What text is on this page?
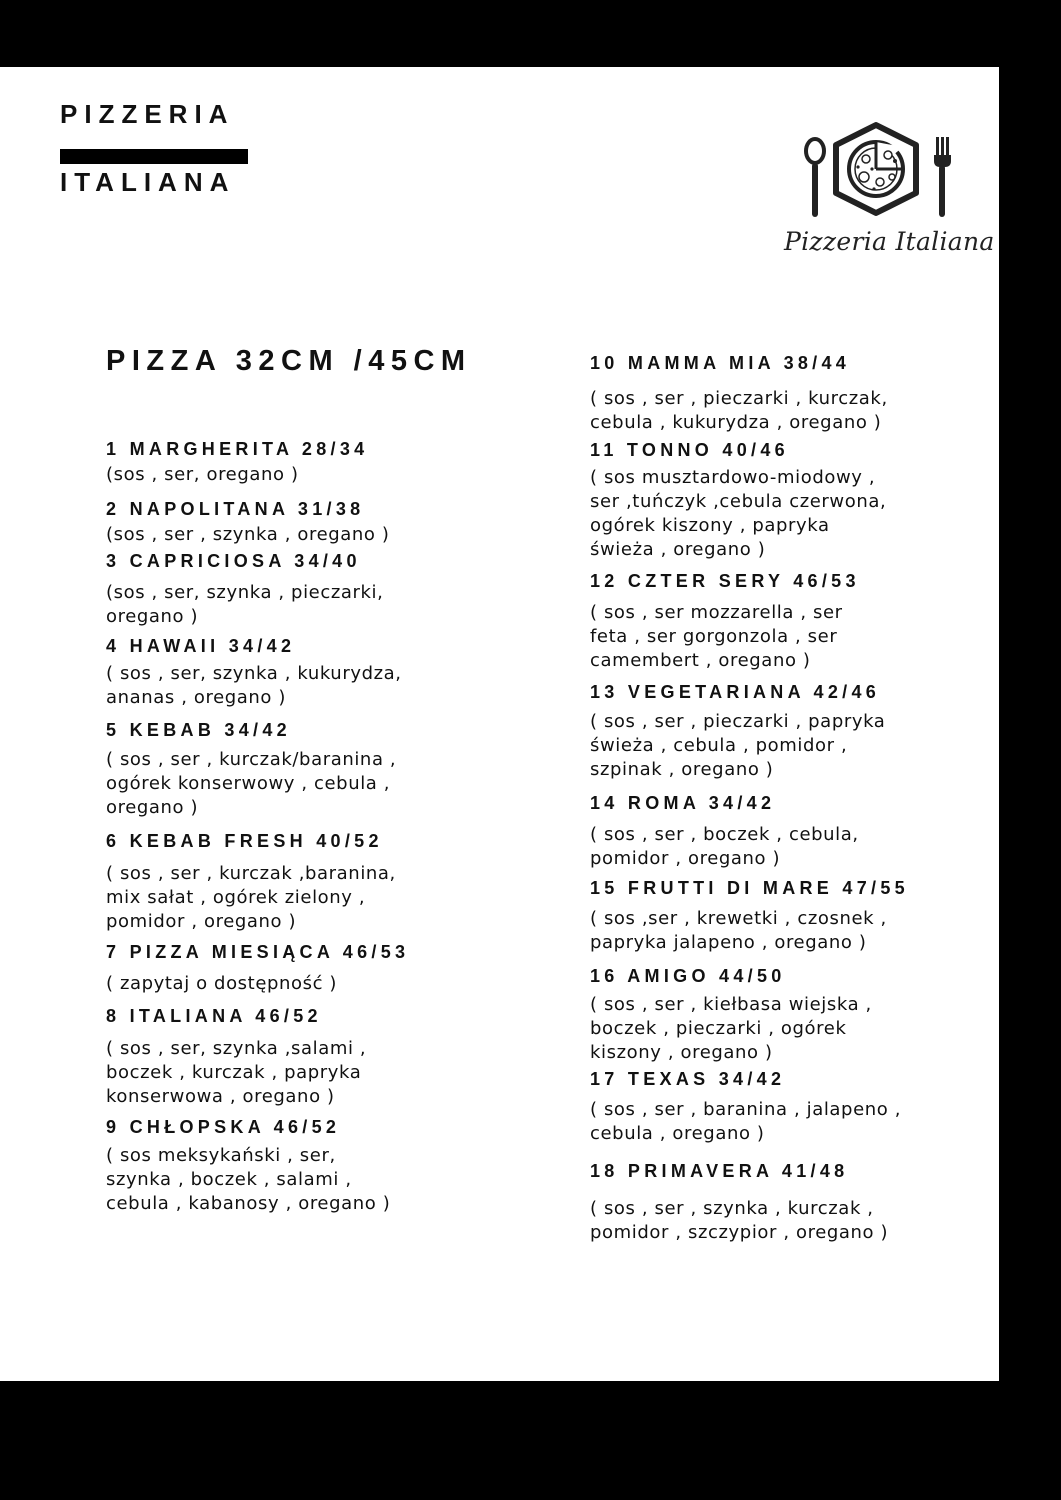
PIZZERIA
ITALIANA
Pizzeria Italiana
PIZZA 32CM /45CM
1 MARGHERITA 28/34
(sos , ser, oregano )
2 NAPOLITANA 31/38
(sos , ser , szynka , oregano )
3 CAPRICIOSA 34/40
(sos , ser, szynka , pieczarki,
oregano )
4 HAWAII 34/42
( sos , ser, szynka , kukurydza,
ananas , oregano )
5 KEBAB 34/42
( sos , ser , kurczak/baranina ,
ogórek konserwowy , cebula ,
oregano )
6 KEBAB FRESH 40/52
( sos , ser , kurczak ,baranina,
mix sałat , ogórek zielony ,
pomidor , oregano )
7 PIZZA MIESIĄCA 46/53
( zapytaj o dostępność )
8 ITALIANA 46/52
( sos , ser, szynka ,salami ,
boczek , kurczak , papryka
konserwowa , oregano )
9 CHŁOPSKA 46/52
( sos meksykański , ser,
szynka , boczek , salami ,
cebula , kabanosy , oregano )
10 MAMMA MIA 38/44
( sos , ser , pieczarki , kurczak,
cebula , kukurydza , oregano )
11 TONNO 40/46
( sos musztardowo-miodowy ,
ser ,tuńczyk ,cebula czerwona,
ogórek kiszony , papryka
świeża , oregano )
12 CZTER SERY 46/53
( sos , ser mozzarella , ser
feta , ser gorgonzola , ser
camembert , oregano )
13 VEGETARIANA 42/46
( sos , ser , pieczarki , papryka
świeża , cebula , pomidor ,
szpinak , oregano )
14 ROMA 34/42
( sos , ser , boczek , cebula,
pomidor , oregano )
15 FRUTTI DI MARE 47/55
( sos ,ser , krewetki , czosnek ,
papryka jalapeno , oregano )
16 AMIGO 44/50
( sos , ser , kiełbasa wiejska ,
boczek , pieczarki , ogórek
kiszony , oregano )
17 TEXAS 34/42
( sos , ser , baranina , jalapeno ,
cebula , oregano )
18 PRIMAVERA 41/48
( sos , ser , szynka , kurczak ,
pomidor , szczypior , oregano )
